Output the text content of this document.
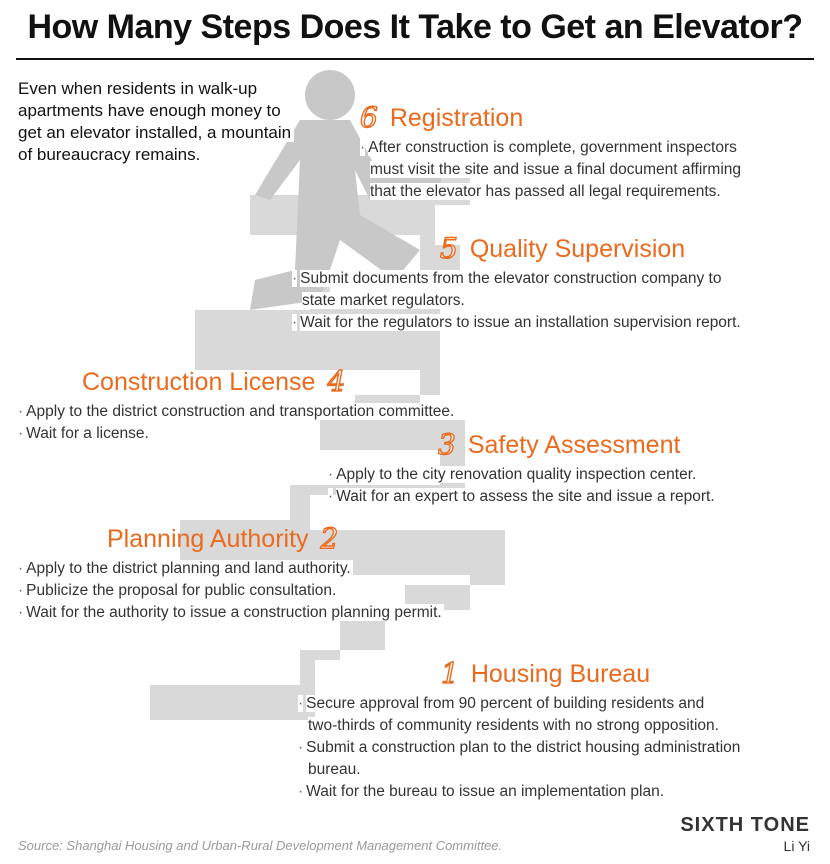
How Many Steps Does It Take to Get an Elevator?
Even when residents in walk-up apartments have enough money to get an elevator installed, a mountain of bureaucracy remains.
6 Registration
· After construction is complete, government inspectors
must visit the site and issue a final document affirming
that the elevator has passed all legal requirements.
5 Quality Supervision
· Submit documents from the elevator construction company to
state market regulators.
· Wait for the regulators to issue an installation supervision report.
Construction License 4
· Apply to the district construction and transportation committee.
· Wait for a license.	3 Safety Assessment
· Apply to the city renovation quality inspection center.
· Wait for an expert to assess the site and issue a report.
Planning Authority 2
· Apply to the district planning and land authority.
· Publicize the proposal for public consultation.
· Wait for the authority to issue a construction planning permit.
1 Housing Bureau
· Secure approval from 90 percent of building residents and
two-thirds of community residents with no strong opposition.
· Submit a construction plan to the district housing administration
bureau.
· Wait for the bureau to issue an implementation plan.
Source: Shanghai Housing and Urban-Rural Development Management Committee.
SIXTH TONE
Li Yi
